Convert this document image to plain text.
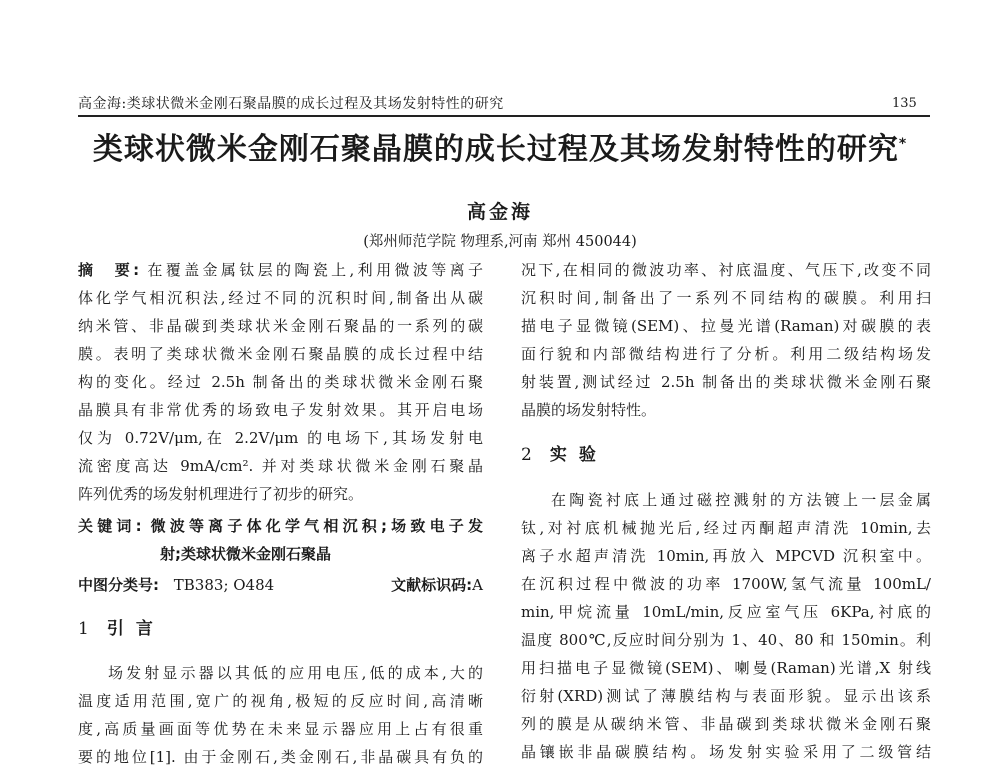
高金海:类球状微米金刚石聚晶膜的成长过程及其场发射特性的研究	135
类球状微米金刚石聚晶膜的成长过程及其场发射特性的研究*
高金海
(郑州师范学院 物理系,河南 郑州 450044)
摘　要: 在覆盖金属钛层的陶瓷上,利用微波等离子
体化学气相沉积法,经过不同的沉积时间,制备出从碳
纳米管、非晶碳到类球状米金刚石聚晶的一系列的碳
膜。表明了类球状微米金刚石聚晶膜的成长过程中结
构的变化。经过 2.5h 制备出的类球状微米金刚石聚
晶膜具有非常优秀的场致电子发射效果。其开启电场
仅为 0.72V/μm,在 2.2V/μm 的电场下,其场发射电
流密度高达 9mA/cm². 并对类球状微米金刚石聚晶
阵列优秀的场发射机理进行了初步的研究。
关键词: 微波等离子体化学气相沉积;场致电子发
射;类球状微米金刚石聚晶
中图分类号: TB383; O484	文献标识码:A
1 引言
场发射显示器以其低的应用电压,低的成本,大的
温度适用范围,宽广的视角,极短的反应时间,高清晰
度,高质量画面等优势在未来显示器应用上占有很重
要的地位[1]. 由于金刚石,类金刚石,非晶碳具有负的
况下,在相同的微波功率、衬底温度、气压下,改变不同
沉积时间,制备出了一系列不同结构的碳膜。利用扫
描电子显微镜(SEM)、拉曼光谱(Raman)对碳膜的表
面行貌和内部微结构进行了分析。利用二级结构场发
射装置,测试经过 2.5h 制备出的类球状微米金刚石聚
晶膜的场发射特性。
2 实验
在陶瓷衬底上通过磁控溅射的方法镀上一层金属
钛,对衬底机械抛光后,经过丙酮超声清洗 10min,去
离子水超声清洗 10min,再放入 MPCVD 沉积室中。
在沉积过程中微波的功率 1700W,氢气流量 100mL/
min,甲烷流量 10mL/min,反应室气压 6KPa,衬底的
温度 800℃,反应时间分别为 1、40、80 和 150min。利
用扫描电子显微镜(SEM)、喇曼(Raman)光谱,X 射线
衍射(XRD)测试了薄膜结构与表面形貌。显示出该系
列的膜是从碳纳米管、非晶碳到类球状微米金刚石聚
晶镶嵌非晶碳膜结构。场发射实验采用了二级管结
